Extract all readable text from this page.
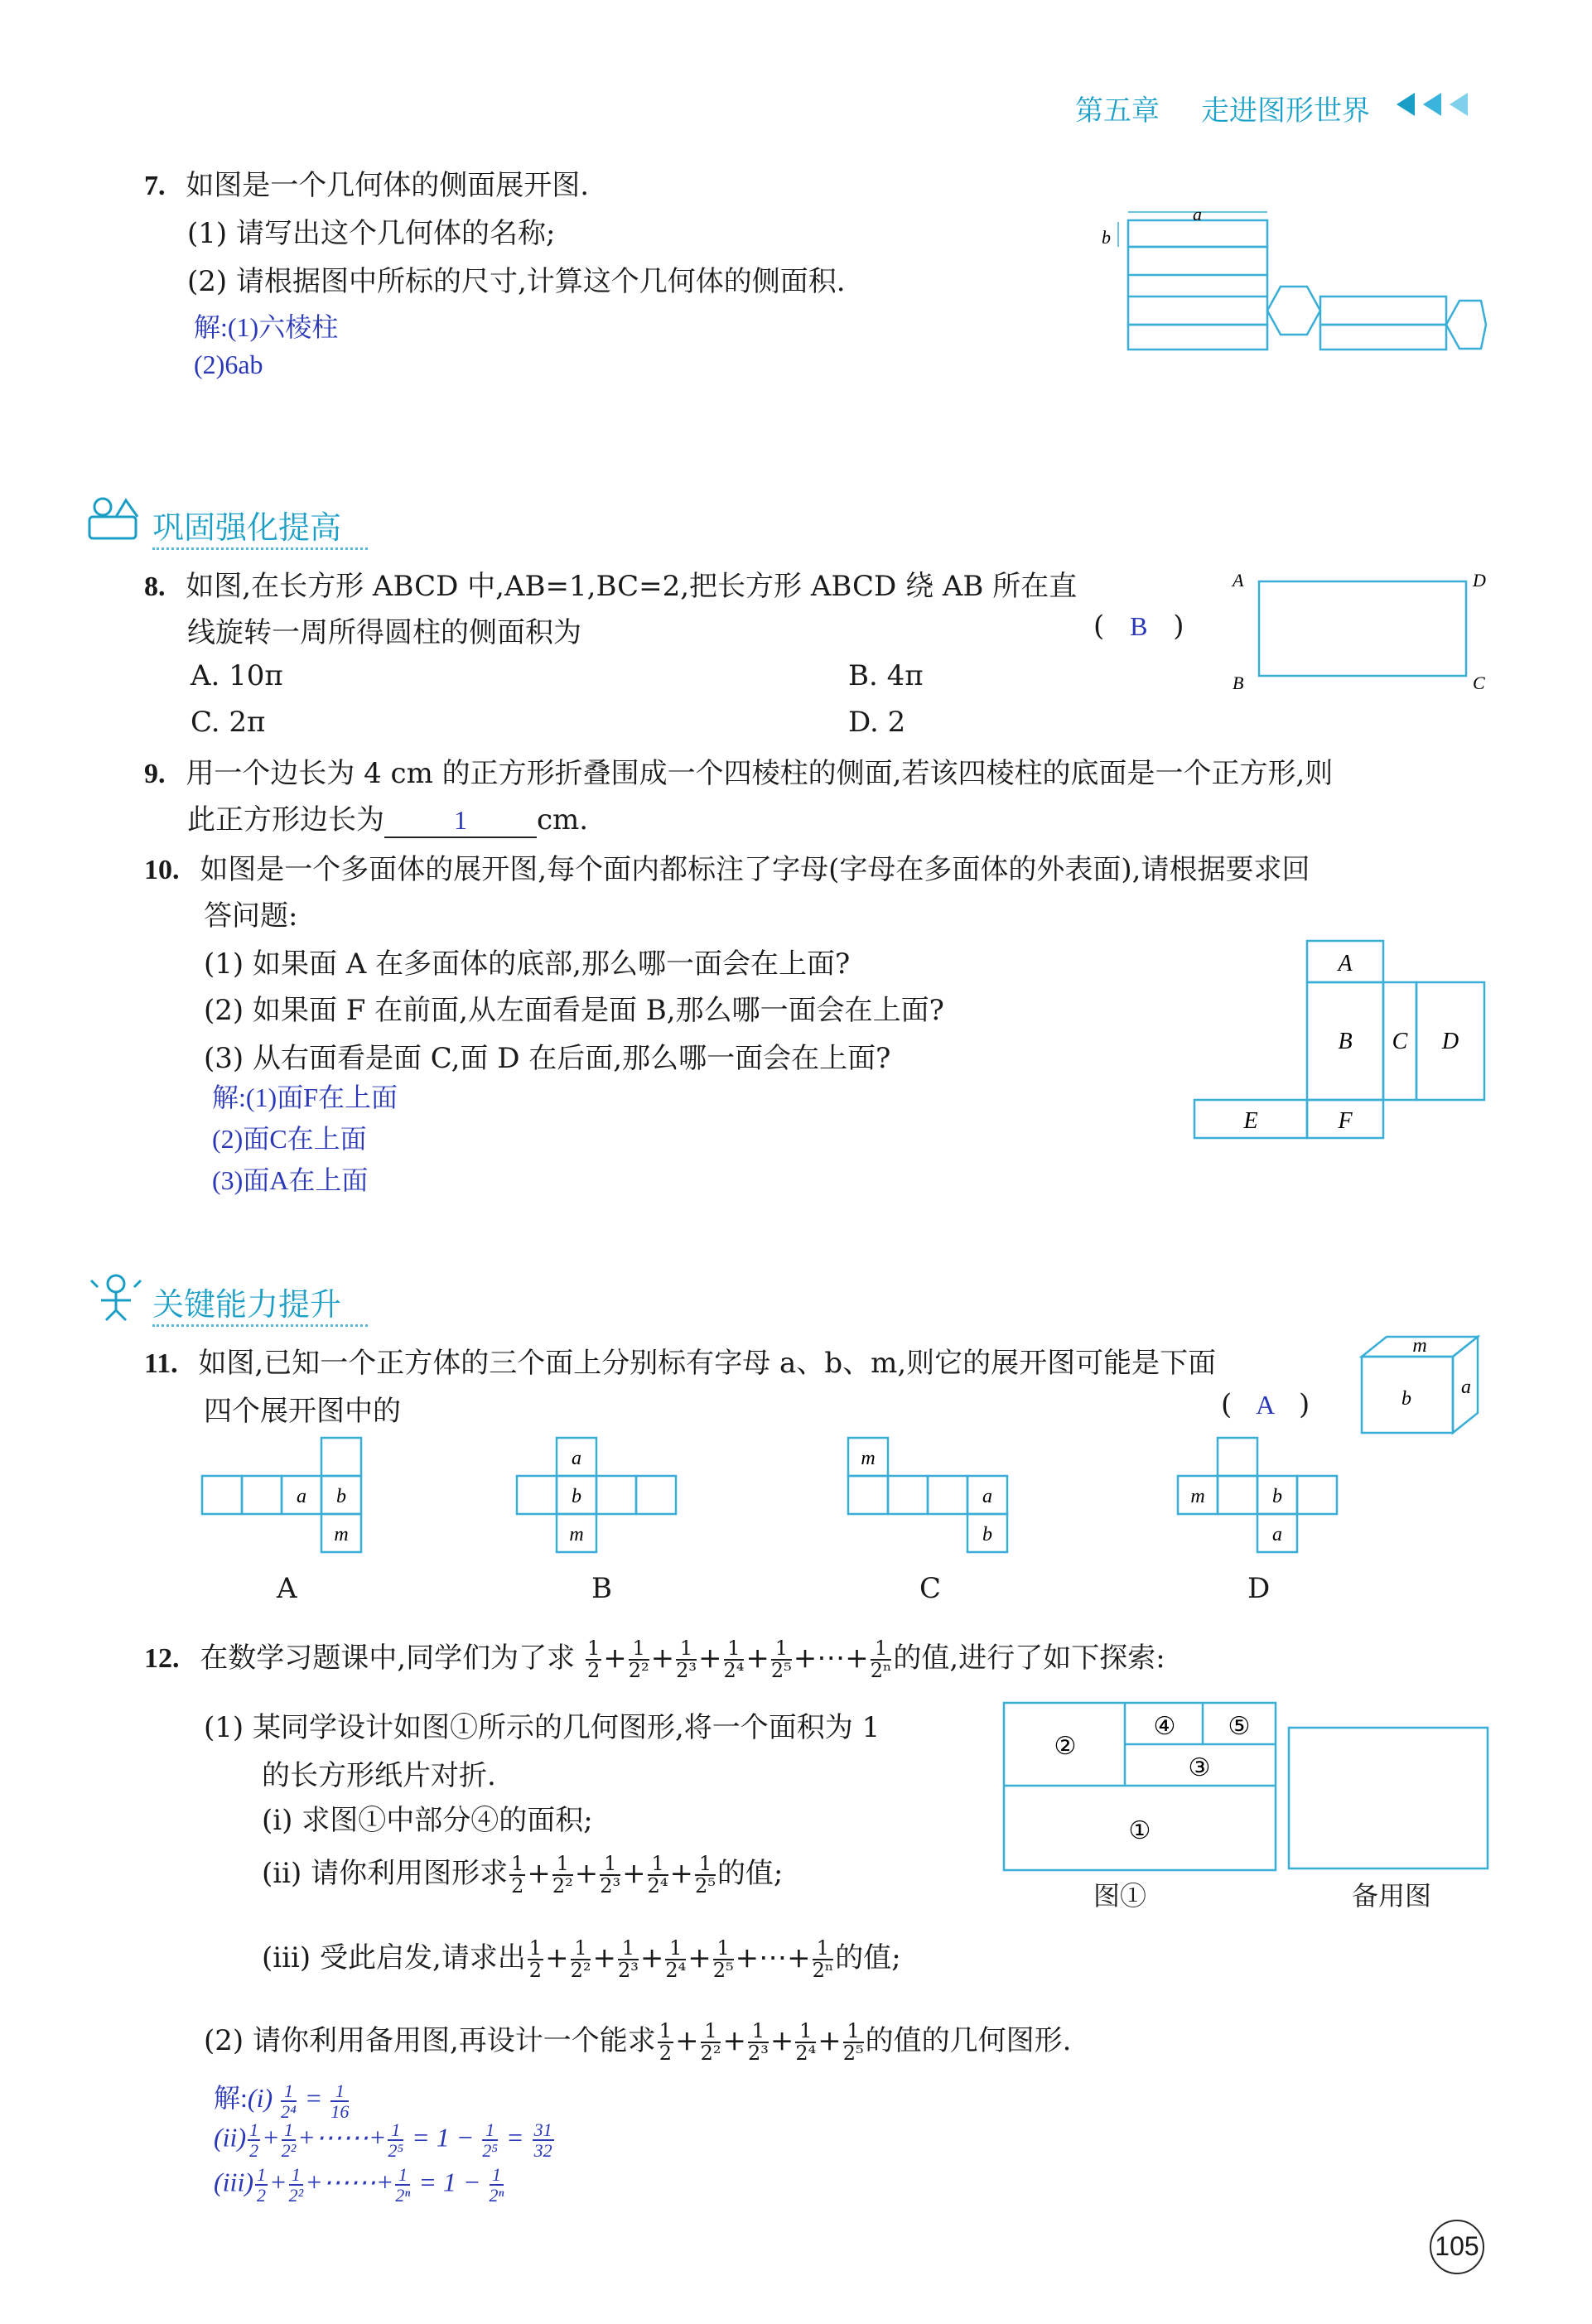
第五章 走进图形世界
7. 如图是一个几何体的侧面展开图.
(1) 请写出这个几何体的名称;
(2) 请根据图中所标的尺寸,计算这个几何体的侧面积.
解:(1)六棱柱
(2)6ab
a
b
巩固强化提高
8. 如图,在长方形 ABCD 中,AB=1,BC=2,把长方形 ABCD 绕 AB 所在直
线旋转一周所得圆柱的侧面积为	( B )
A. 10π	B. 4π
C. 2π	D. 2
A
B	C
D
9. 用一个边长为 4 cm 的正方形折叠围成一个四棱柱的侧面,若该四棱柱的底面是一个正方形,则
此正方形边长为	1 cm.
10. 如图是一个多面体的展开图,每个面内都标注了字母(字母在多面体的外表面),请根据要求回
答问题:
(1) 如果面 A 在多面体的底部,那么哪一面会在上面?
(2) 如果面 F 在前面,从左面看是面 B,那么哪一面会在上面?
(3) 从右面看是面 C,面 D 在后面,那么哪一面会在上面?
解:(1)面F在上面
(2)面C在上面
(3)面A在上面
A
B C D
E	F
关键能力提升
11. 如图,已知一个正方体的三个面上分别标有字母 a、b、m,则它的展开图可能是下面
四个展开图中的	( A )
m
b
a
a b
m
A
a
b
m
B
m
a
b
C
m	b
a
D
12. 在数学习题课中,同学们为了求 $\frac{1}{2} + \frac{1}{\text{2²}} + \frac{1}{\text{2³}} + \frac{1}{\text{2⁴}} + \frac{1}{\text{2⁵}}$ +⋯+ $\frac{1}{\text{2ⁿ}}$ 的值,进行了如下探索:
(1) 某同学设计如图①所示的几何图形,将一个面积为 1
的长方形纸片对折.
(ⅰ) 求图①中部分④的面积;
(ⅱ) 请你利用图形求 $\frac{1}{2} + \frac{1}{\text{2²}} + \frac{1}{\text{2³}} + \frac{1}{\text{2⁴}} + \frac{1}{\text{2⁵}}$ 的值;
(ⅲ) 受此启发,请求出 $\frac{1}{2} + \frac{1}{\text{2²}} + \frac{1}{\text{2³}} + \frac{1}{\text{2⁴}} + \frac{1}{\text{2⁵}}$ +⋯+ $\frac{1}{\text{2ⁿ}}$ 的值;
(2) 请你利用备用图,再设计一个能求 $\frac{1}{2} + \frac{1}{\text{2²}} + \frac{1}{\text{2³}} + \frac{1}{\text{2⁴}} + \frac{1}{\text{2⁵}}$ 的值的几何图形.
①
②
③
④ ⑤
图①	备用图
解:(i) $\frac{1}{\text{2⁴}} = \frac{1}{16}$
$(ii) \frac{1}{2} + \frac{1}{\text{2²}}$ +⋯⋯+ $\frac{1}{\text{2⁵}} = 1 - \frac{1}{\text{2⁵}} = \frac{31}{32}$
$(iii) \frac{1}{2} + \frac{1}{\text{2²}}$ +⋯⋯+ $\frac{1}{\text{2ⁿ}} = 1 - \frac{1}{\text{2ⁿ}}$
105
